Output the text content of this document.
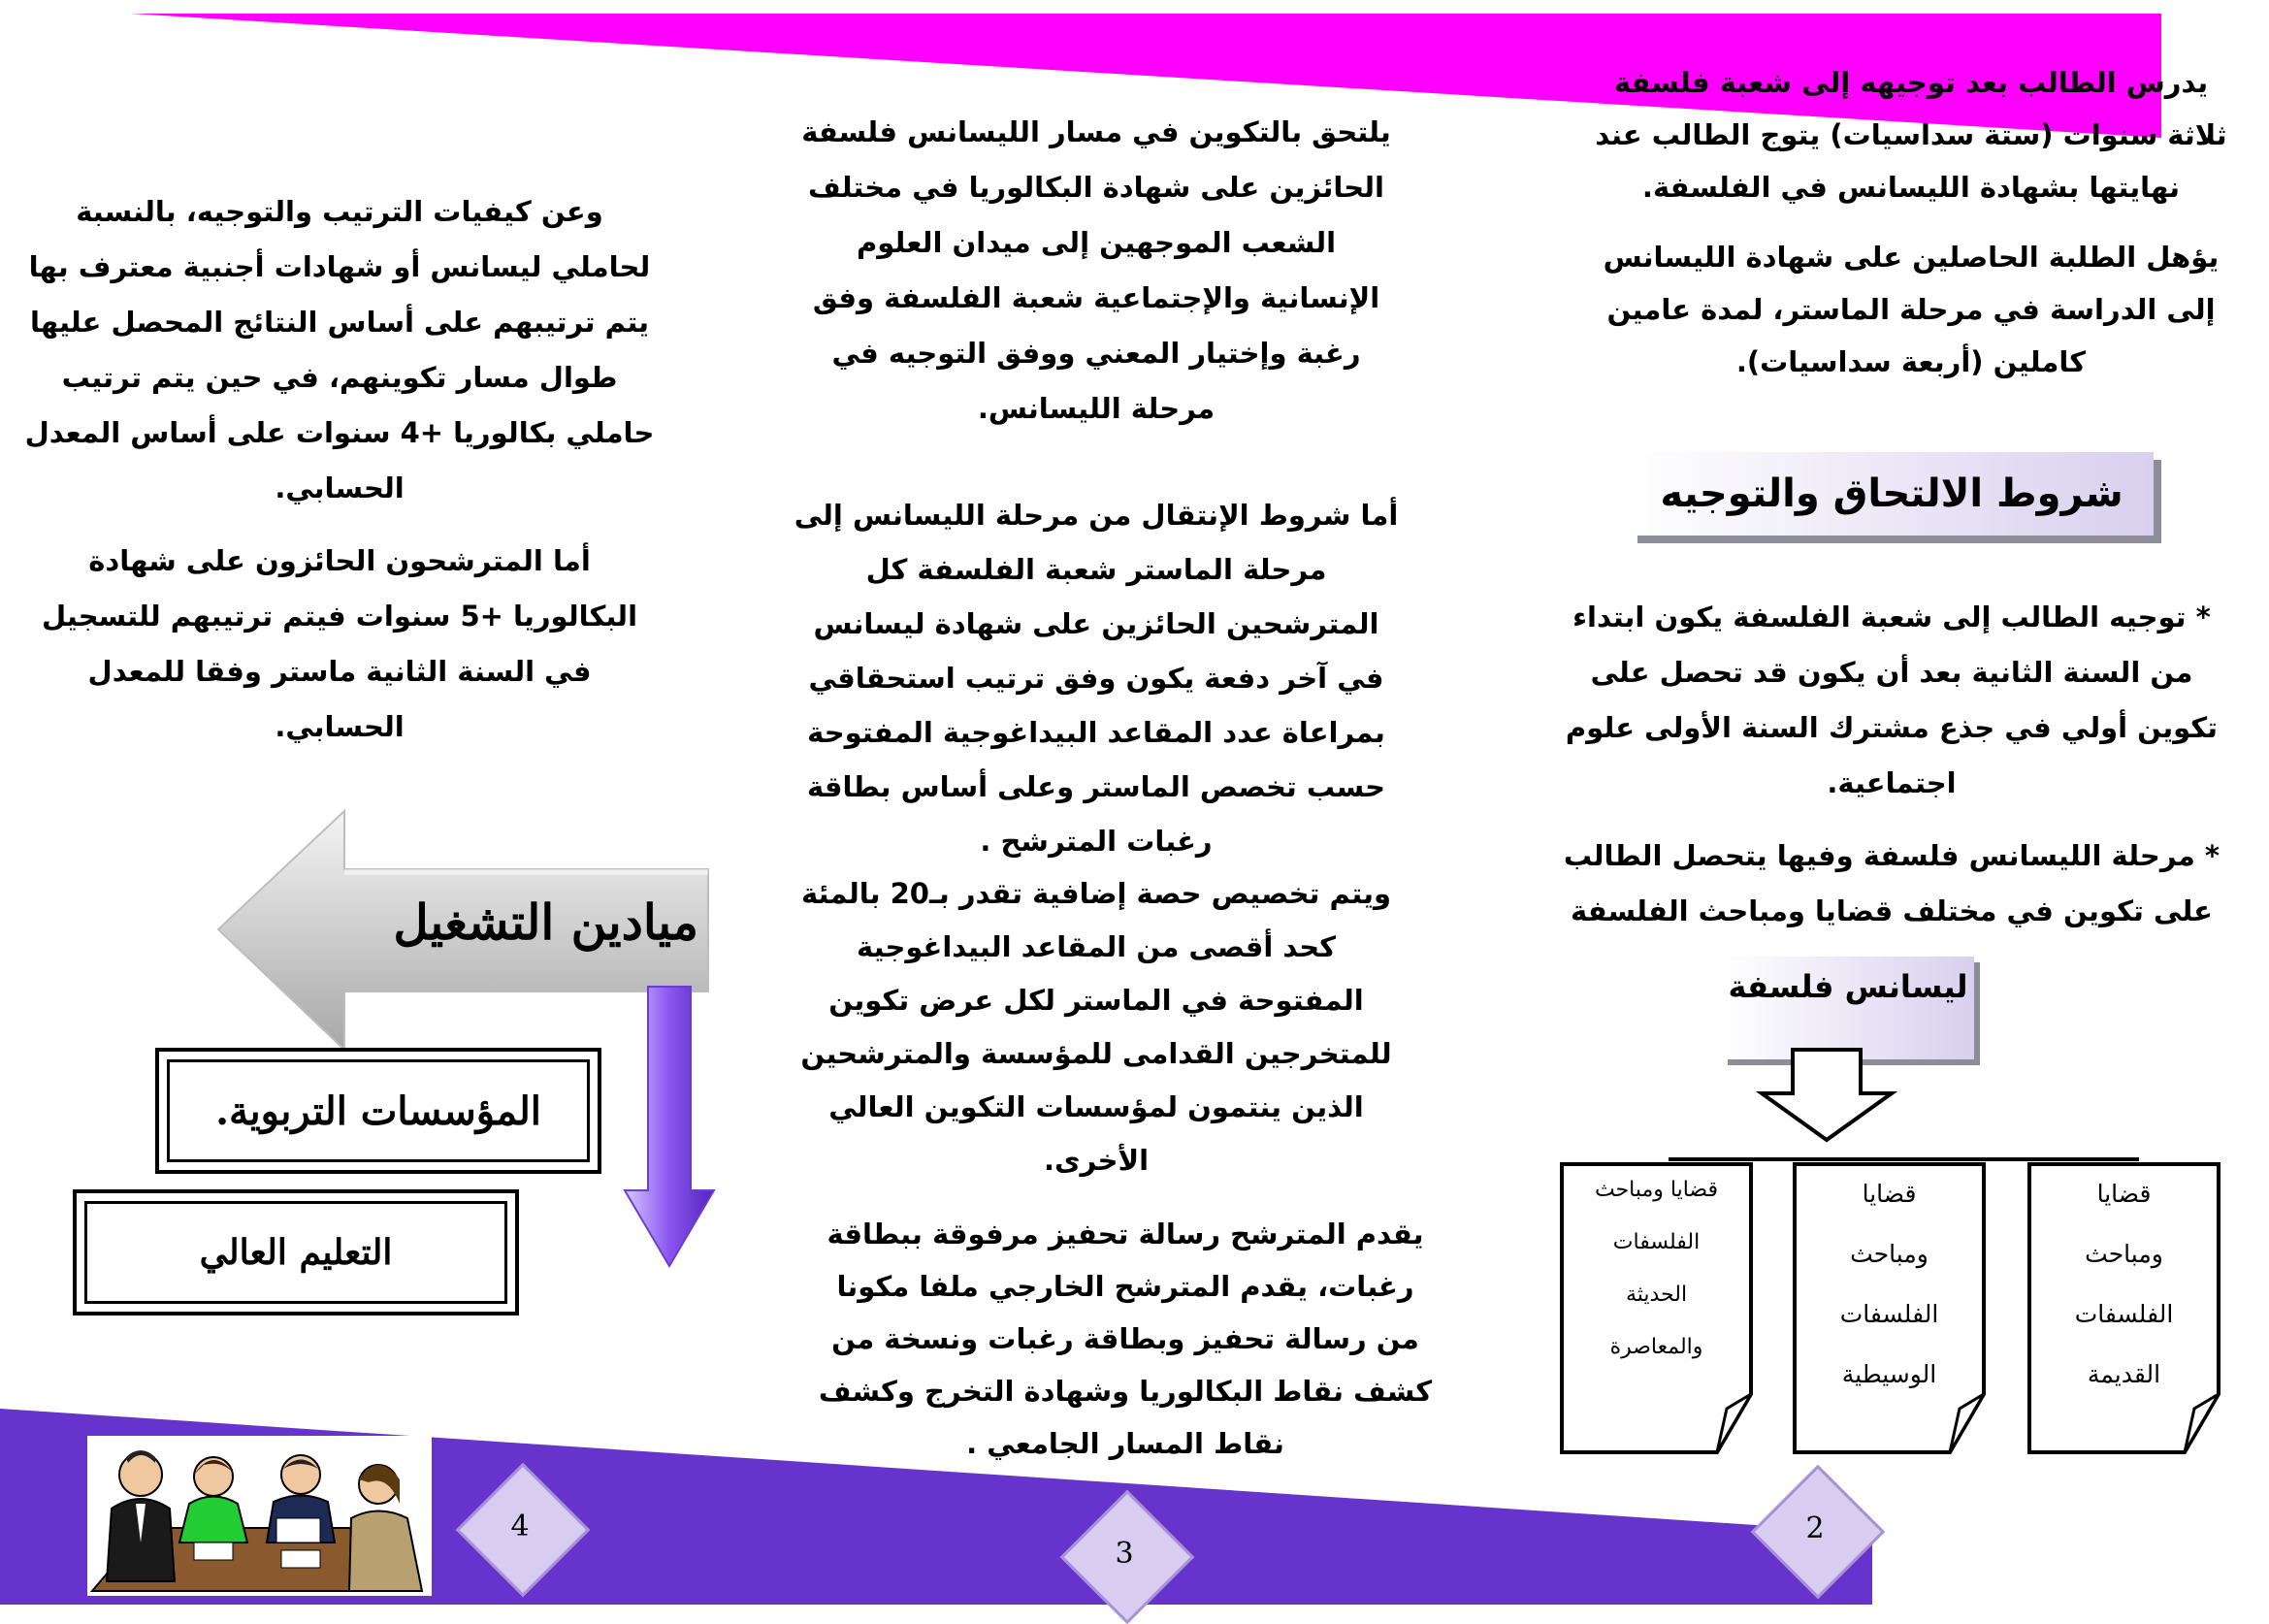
يدرس الطالب بعد توجيهه إلى شعبة فلسفة ثلاثة سنوات (ستة سداسيات) يتوج الطالب عند نهايتها بشهادة الليسانس في الفلسفة.

يؤهل الطلبة الحاصلين على شهادة الليسانس إلى الدراسة في مرحلة الماستر، لمدة عامين كاملين (أربعة سداسيات).

شروط الالتحاق والتوجيه

* توجيه الطالب إلى شعبة الفلسفة يكون ابتداء من السنة الثانية بعد أن يكون قد تحصل على تكوين أولي في جذع مشترك السنة الأولى علوم اجتماعية.

* مرحلة الليسانس فلسفة وفيها يتحصل الطالب على تكوين في مختلف قضايا ومباحث الفلسفة

ليسانس فلسفة
قضايا ومباحث
الفلسفات
الحديثة
والمعاصرة
قضايا
ومباحث
الفلسفات
الوسيطية
قضايا
ومباحث
الفلسفات
القديمة
يلتحق بالتكوين في مسار الليسانس فلسفة الحائزين على شهادة البكالوريا في مختلف الشعب الموجهين إلى ميدان العلوم الإنسانية والإجتماعية شعبة الفلسفة وفق رغبة وإختيار المعني ووفق التوجيه في مرحلة الليسانس.
أما شروط الإنتقال من مرحلة الليسانس إلى مرحلة الماستر شعبة الفلسفة كل المترشحين الحائزين على شهادة ليسانس في آخر دفعة يكون وفق ترتيب استحقاقي بمراعاة عدد المقاعد البيداغوجية المفتوحة حسب تخصص الماستر وعلى أساس بطاقة رغبات المترشح .
ويتم تخصيص حصة إضافية تقدر بـ20 بالمئة كحد أقصى من المقاعد البيداغوجية المفتوحة في الماستر لكل عرض تكوين للمتخرجين القدامى للمؤسسة والمترشحين الذين ينتمون لمؤسسات التكوين العالي الأخرى.
يقدم المترشح رسالة تحفيز مرفوقة ببطاقة رغبات، يقدم المترشح الخارجي ملفا مكونا من رسالة تحفيز وبطاقة رغبات ونسخة من كشف نقاط البكالوريا وشهادة التخرج وكشف نقاط المسار الجامعي .

وعن كيفيات الترتيب والتوجيه، بالنسبة لحاملي ليسانس أو شهادات أجنبية معترف بها يتم ترتيبهم على أساس النتائج المحصل عليها طوال مسار تكوينهم، في حين يتم ترتيب حاملي بكالوريا +4 سنوات على أساس المعدل الحسابي.

أما المترشحون الحائزون على شهادة البكالوريا +5 سنوات فيتم ترتيبهم للتسجيل في السنة الثانية ماستر وفقا للمعدل الحسابي.

ميادين التشغيل
المؤسسات التربوية.
التعليم العالي
4
3
2
